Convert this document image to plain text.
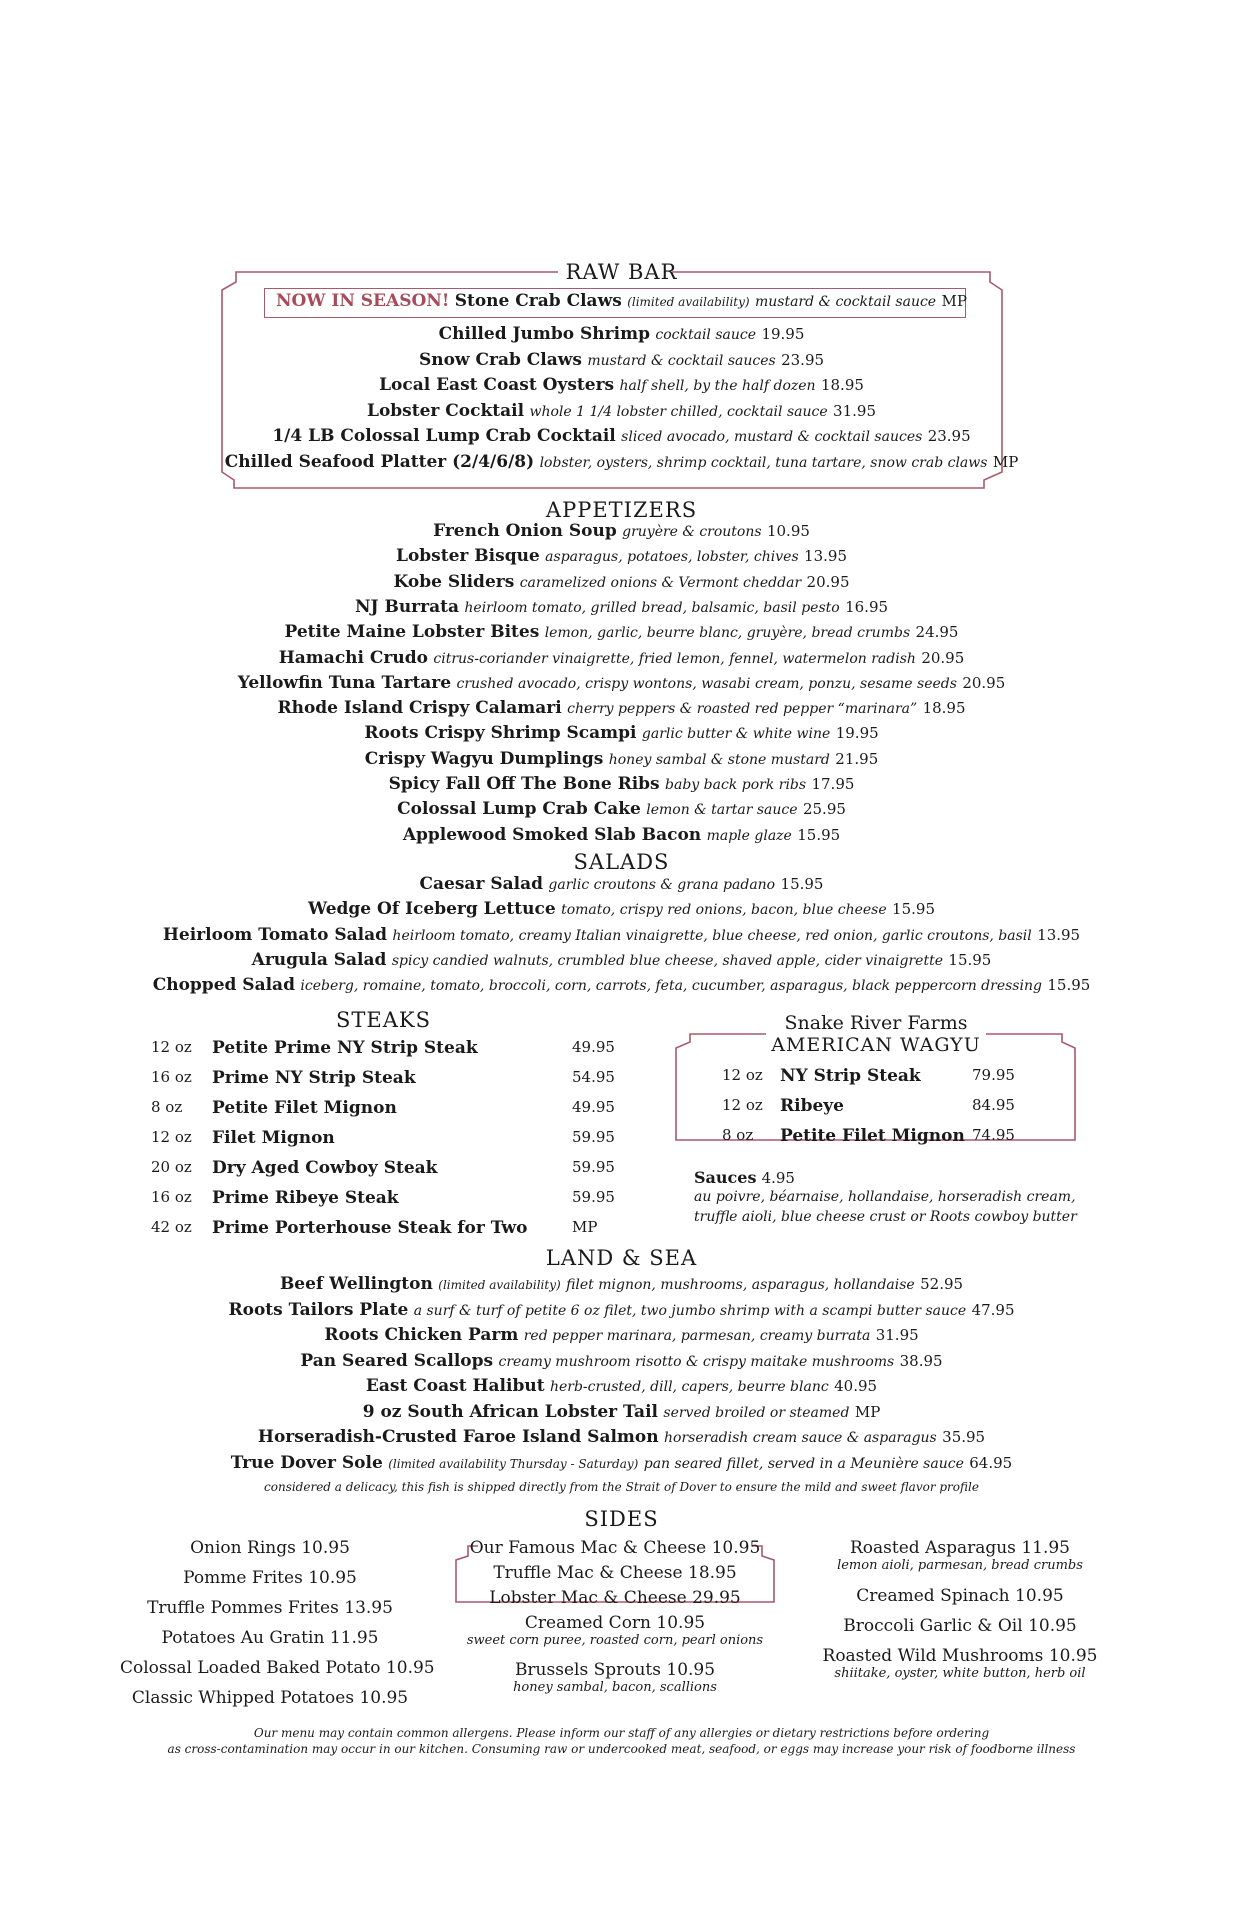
RAW BAR
NOW IN SEASON! Stone Crab Claws (limited availability) mustard & cocktail sauce MP
Chilled Jumbo Shrimp cocktail sauce 19.95
Snow Crab Claws mustard & cocktail sauces 23.95
Local East Coast Oysters half shell, by the half dozen 18.95
Lobster Cocktail whole 1 1/4 lobster chilled, cocktail sauce 31.95
1/4 LB Colossal Lump Crab Cocktail sliced avocado, mustard & cocktail sauces 23.95
Chilled Seafood Platter (2/4/6/8) lobster, oysters, shrimp cocktail, tuna tartare, snow crab claws MP
APPETIZERS
French Onion Soup gruyère & croutons 10.95
Lobster Bisque asparagus, potatoes, lobster, chives 13.95
Kobe Sliders caramelized onions & Vermont cheddar 20.95
NJ Burrata heirloom tomato, grilled bread, balsamic, basil pesto 16.95
Petite Maine Lobster Bites lemon, garlic, beurre blanc, gruyère, bread crumbs 24.95
Hamachi Crudo citrus-coriander vinaigrette, fried lemon, fennel, watermelon radish 20.95
Yellowfin Tuna Tartare crushed avocado, crispy wontons, wasabi cream, ponzu, sesame seeds 20.95
Rhode Island Crispy Calamari cherry peppers & roasted red pepper “marinara” 18.95
Roots Crispy Shrimp Scampi garlic butter & white wine 19.95
Crispy Wagyu Dumplings honey sambal & stone mustard 21.95
Spicy Fall Off The Bone Ribs baby back pork ribs 17.95
Colossal Lump Crab Cake lemon & tartar sauce 25.95
Applewood Smoked Slab Bacon maple glaze 15.95
SALADS
Caesar Salad garlic croutons & grana padano 15.95
Wedge Of Iceberg Lettuce tomato, crispy red onions, bacon, blue cheese 15.95
Heirloom Tomato Salad heirloom tomato, creamy Italian vinaigrette, blue cheese, red onion, garlic croutons, basil 13.95
Arugula Salad spicy candied walnuts, crumbled blue cheese, shaved apple, cider vinaigrette 15.95
Chopped Salad iceberg, romaine, tomato, broccoli, corn, carrots, feta, cucumber, asparagus, black peppercorn dressing 15.95
STEAKS
12 oz Petite Prime NY Strip Steak	49.95
16 oz Prime NY Strip Steak	54.95
8 oz Petite Filet Mignon	49.95
12 oz Filet Mignon	59.95
20 oz Dry Aged Cowboy Steak	59.95
16 oz Prime Ribeye Steak	59.95
42 oz Prime Porterhouse Steak for Two	MP
Snake River Farms
AMERICAN WAGYU
12 oz NY Strip Steak	79.95
12 oz Ribeye	84.95
8 oz Petite Filet Mignon 74.95
Sauces 4.95
au poivre, béarnaise, hollandaise, horseradish cream,
truffle aioli, blue cheese crust or Roots cowboy butter
LAND & SEA
Beef Wellington (limited availability) filet mignon, mushrooms, asparagus, hollandaise 52.95
Roots Tailors Plate a surf & turf of petite 6 oz filet, two jumbo shrimp with a scampi butter sauce 47.95
Roots Chicken Parm red pepper marinara, parmesan, creamy burrata 31.95
Pan Seared Scallops creamy mushroom risotto & crispy maitake mushrooms 38.95
East Coast Halibut herb-crusted, dill, capers, beurre blanc 40.95
9 oz South African Lobster Tail served broiled or steamed MP
Horseradish-Crusted Faroe Island Salmon horseradish cream sauce & asparagus 35.95
True Dover Sole (limited availability Thursday - Saturday) pan seared fillet, served in a Meunière sauce 64.95
considered a delicacy, this fish is shipped directly from the Strait of Dover to ensure the mild and sweet flavor profile
SIDES
Onion Rings 10.95
Pomme Frites 10.95
Truffle Pommes Frites 13.95
Potatoes Au Gratin 11.95
Colossal Loaded Baked Potato 10.95
Classic Whipped Potatoes 10.95
Our Famous Mac & Cheese 10.95
Truffle Mac & Cheese 18.95
Lobster Mac & Cheese 29.95
Creamed Corn 10.95
sweet corn puree, roasted corn, pearl onions
Brussels Sprouts 10.95
honey sambal, bacon, scallions
Roasted Asparagus 11.95
lemon aioli, parmesan, bread crumbs
Creamed Spinach 10.95
Broccoli Garlic & Oil 10.95
Roasted Wild Mushrooms 10.95
shiitake, oyster, white button, herb oil
Our menu may contain common allergens. Please inform our staff of any allergies or dietary restrictions before ordering
as cross-contamination may occur in our kitchen. Consuming raw or undercooked meat, seafood, or eggs may increase your risk of foodborne illness
